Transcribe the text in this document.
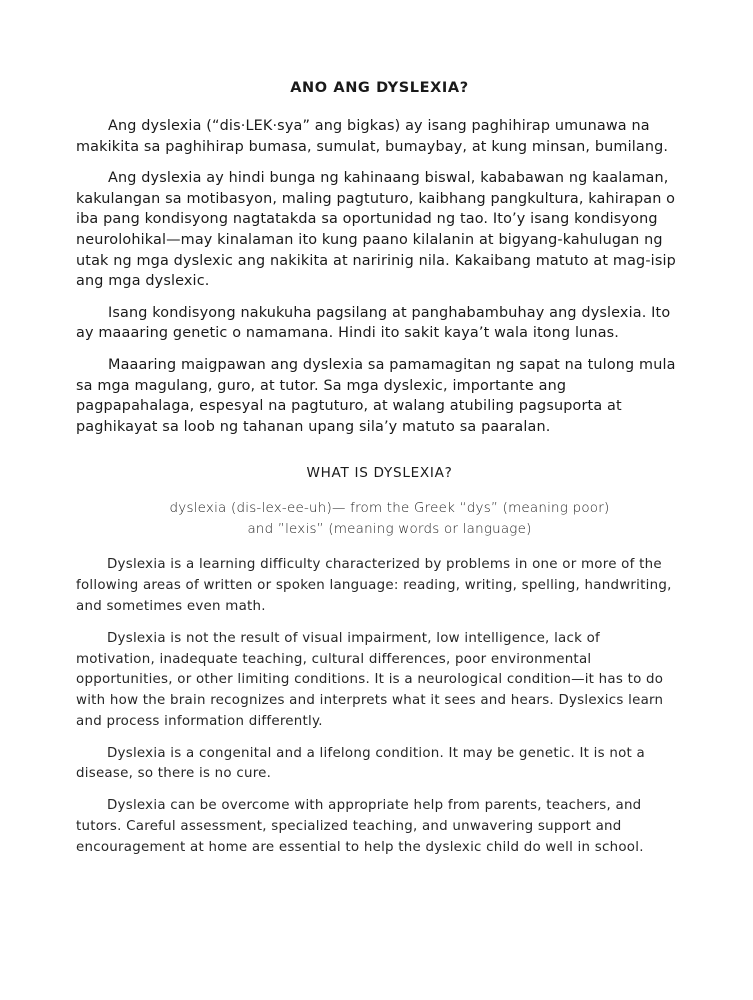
ANO ANG DYSLEXIA?

Ang dyslexia (“dis·LEK·sya” ang bigkas) ay isang paghihirap umunawa na makikita sa paghihirap bumasa, sumulat, bumaybay, at kung minsan, bumilang.

Ang dyslexia ay hindi bunga ng kahinaang biswal, kababawan ng kaalaman, kakulangan sa motibasyon, maling pagtuturo, kaibhang pangkultura, kahirapan o iba pang kondisyong nagtatakda sa oportunidad ng tao. Ito’y isang kondisyong neurolohikal—may kinalaman ito kung paano kilalanin at bigyang-kahulugan ng utak ng mga dyslexic ang nakikita at naririnig nila. Kakaibang matuto at mag-isip ang mga dyslexic.

Isang kondisyong nakukuha pagsilang at panghabambuhay ang dyslexia. Ito ay maaaring genetic o namamana. Hindi ito sakit kaya’t wala itong lunas.

Maaaring maigpawan ang dyslexia sa pamamagitan ng sapat na tulong mula sa mga magulang, guro, at tutor. Sa mga dyslexic, importante ang pagpapahalaga, espesyal na pagtuturo, at walang atubiling pagsuporta at paghikayat sa loob ng tahanan upang sila’y matuto sa paaralan.

WHAT IS DYSLEXIA?
dyslexia (dis-lex-ee-uh)— from the Greek “dys” (meaning poor)
and ”lexis” (meaning words or language)

Dyslexia is a learning difficulty characterized by problems in one or more of the following areas of written or spoken language: reading, writing, spelling, handwriting, and sometimes even math.

Dyslexia is not the result of visual impairment, low intelligence, lack of motivation, inadequate teaching, cultural differences, poor environmental opportunities, or other limiting conditions. It is a neurological condition—it has to do with how the brain recognizes and interprets what it sees and hears. Dyslexics learn and process information differently.

Dyslexia is a congenital and a lifelong condition. It may be genetic. It is not a disease, so there is no cure.

Dyslexia can be overcome with appropriate help from parents, teachers, and tutors. Careful assessment, specialized teaching, and unwavering support and encouragement at home are essential to help the dyslexic child do well in school.
